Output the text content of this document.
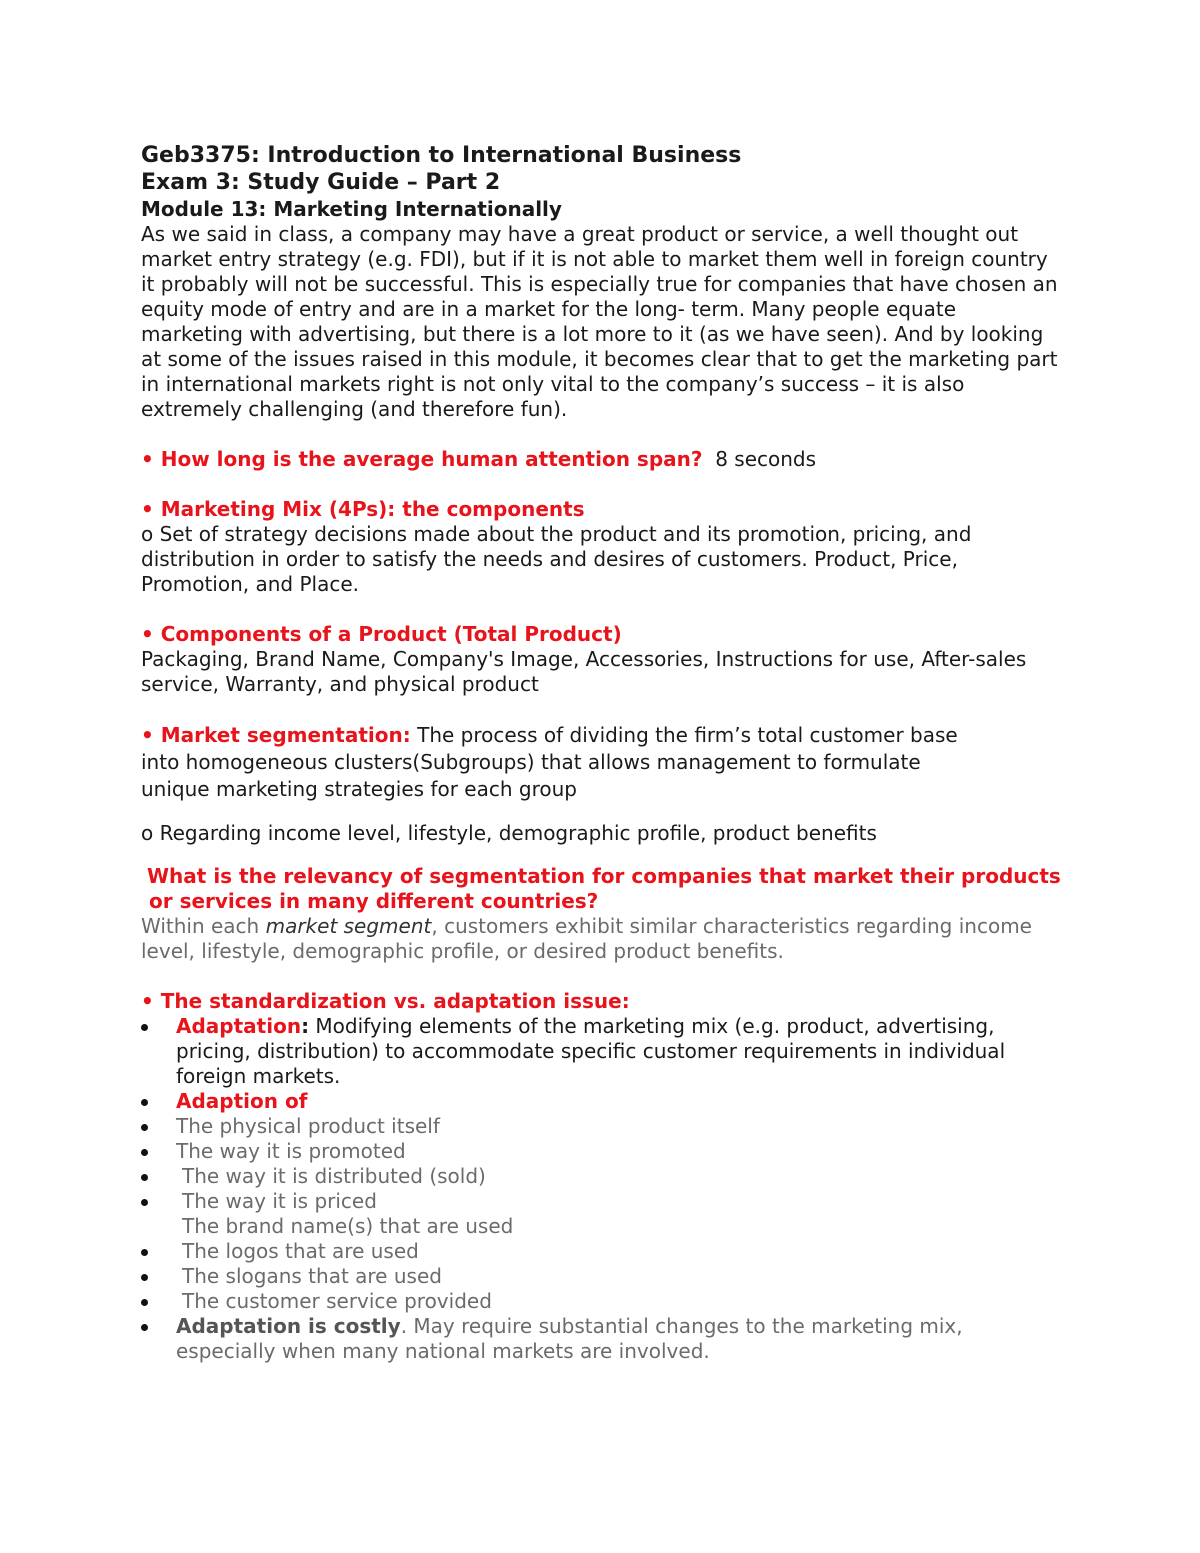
Geb3375: Introduction to International Business
Exam 3: Study Guide – Part 2
Module 13: Marketing Internationally

As we said in class, a company may have a great product or service, a well thought out market entry strategy (e.g. FDI), but if it is not able to market them well in foreign country it probably will not be successful. This is especially true for companies that have chosen an equity mode of entry and are in a market for the long- term. Many people equate marketing with advertising, but there is a lot more to it (as we have seen). And by looking at some of the issues raised in this module, it becomes clear that to get the marketing part in international markets right is not only vital to the company’s success – it is also extremely challenging (and therefore fun).

• How long is the average human attention span? 8 seconds

• Marketing Mix (4Ps): the components

o Set of strategy decisions made about the product and its promotion, pricing, and distribution in order to satisfy the needs and desires of customers. Product, Price, Promotion, and Place.

• Components of a Product (Total Product)

Packaging, Brand Name, Company's Image, Accessories, Instructions for use, After-sales service, Warranty, and physical product

• Market segmentation: The process of dividing the firm’s total customer base
into homogeneous clusters(Subgroups) that allows management to formulate
unique marketing strategies for each group

o Regarding income level, lifestyle, demographic profile, product benefits

What is the relevancy of segmentation for companies that market their products or services in many different countries?

Within each market segment, customers exhibit similar characteristics regarding income level, lifestyle, demographic profile, or desired product benefits.

• The standardization vs. adaptation issue:
Adaptation: Modifying elements of the marketing mix (e.g. product, advertising, pricing, distribution) to accommodate specific customer requirements in individual foreign markets.
Adaption of
The physical product itself
The way it is promoted
The way it is distributed (sold)
The way it is priced
The brand name(s) that are used
The logos that are used
The slogans that are used
The customer service provided
Adaptation is costly. May require substantial changes to the marketing mix, especially when many national markets are involved.
